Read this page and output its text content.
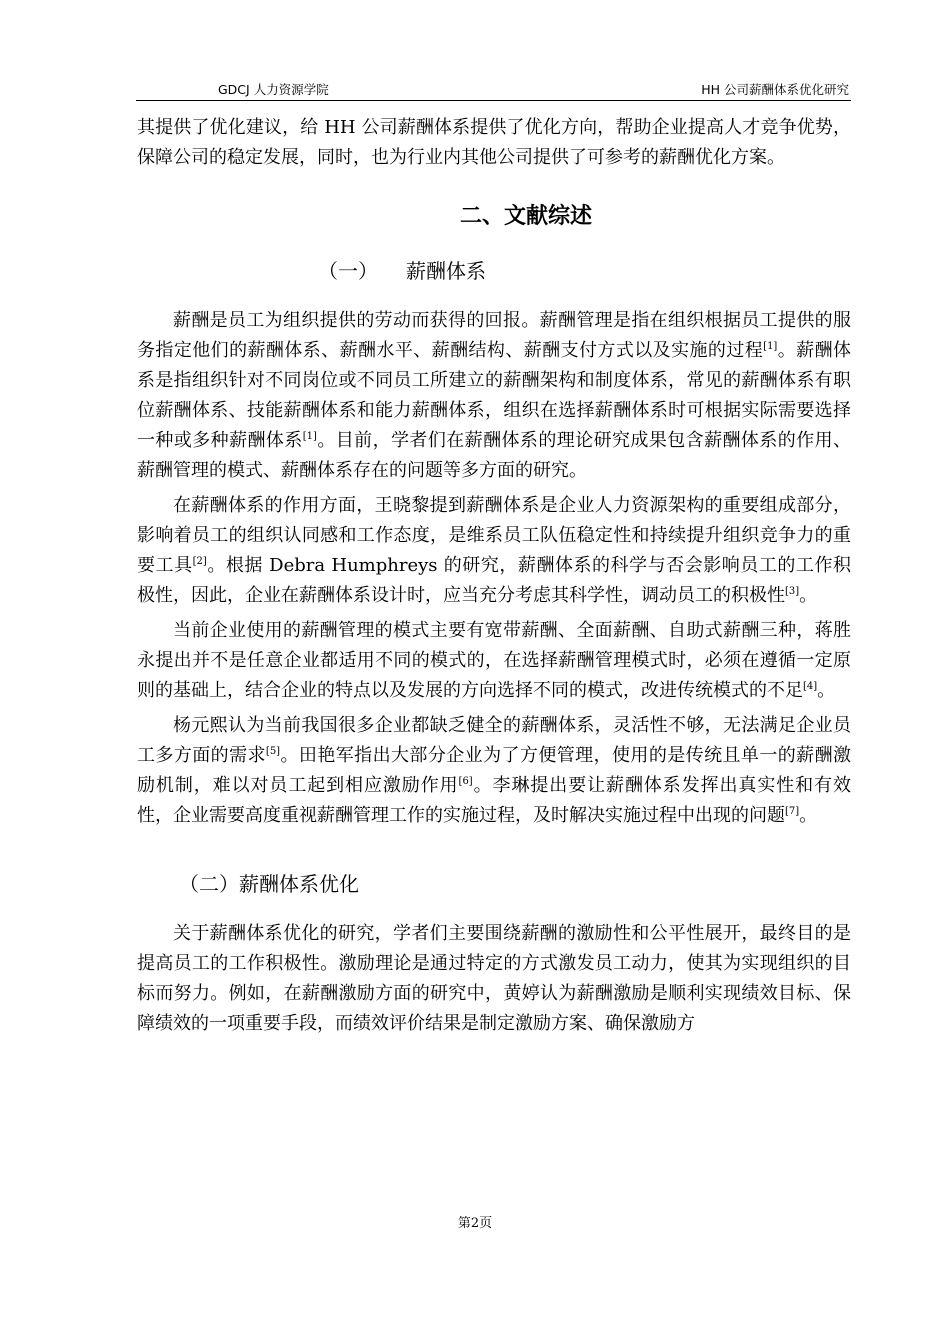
GDCJ 人力资源学院	HH 公司薪酬体系优化研究

其提供了优化建议，给 HH 公司薪酬体系提供了优化方向，帮助企业提高人才竞争优势，保障公司的稳定发展，同时，也为行业内其他公司提供了可参考的薪酬优化方案。

二、文献综述
（一） 薪酬体系

薪酬是员工为组织提供的劳动而获得的回报。薪酬管理是指在组织根据员工提供的服务指定他们的薪酬体系、薪酬水平、薪酬结构、薪酬支付方式以及实施的过程[1]。薪酬体系是指组织针对不同岗位或不同员工所建立的薪酬架构和制度体系，常见的薪酬体系有职位薪酬体系、技能薪酬体系和能力薪酬体系，组织在选择薪酬体系时可根据实际需要选择一种或多种薪酬体系[1]。目前，学者们在薪酬体系的理论研究成果包含薪酬体系的作用、薪酬管理的模式、薪酬体系存在的问题等多方面的研究。

在薪酬体系的作用方面，王晓黎提到薪酬体系是企业人力资源架构的重要组成部分，影响着员工的组织认同感和工作态度，是维系员工队伍稳定性和持续提升组织竞争力的重要工具[2]。根据 Debra Humphreys 的研究，薪酬体系的科学与否会影响员工的工作积极性，因此，企业在薪酬体系设计时，应当充分考虑其科学性，调动员工的积极性[3]。

当前企业使用的薪酬管理的模式主要有宽带薪酬、全面薪酬、自助式薪酬三种，蒋胜永提出并不是任意企业都适用不同的模式的，在选择薪酬管理模式时，必须在遵循一定原则的基础上，结合企业的特点以及发展的方向选择不同的模式，改进传统模式的不足[4]。

杨元熙认为当前我国很多企业都缺乏健全的薪酬体系，灵活性不够，无法满足企业员工多方面的需求[5]。田艳军指出大部分企业为了方便管理，使用的是传统且单一的薪酬激励机制，难以对员工起到相应激励作用[6]。李琳提出要让薪酬体系发挥出真实性和有效性，企业需要高度重视薪酬管理工作的实施过程，及时解决实施过程中出现的问题[7]。

（二）薪酬体系优化

关于薪酬体系优化的研究，学者们主要围绕薪酬的激励性和公平性展开，最终目的是提高员工的工作积极性。激励理论是通过特定的方式激发员工动力，使其为实现组织的目标而努力。例如，在薪酬激励方面的研究中，黄婷认为薪酬激励是顺利实现绩效目标、保障绩效的一项重要手段，而绩效评价结果是制定激励方案、确保激励方

第2页
